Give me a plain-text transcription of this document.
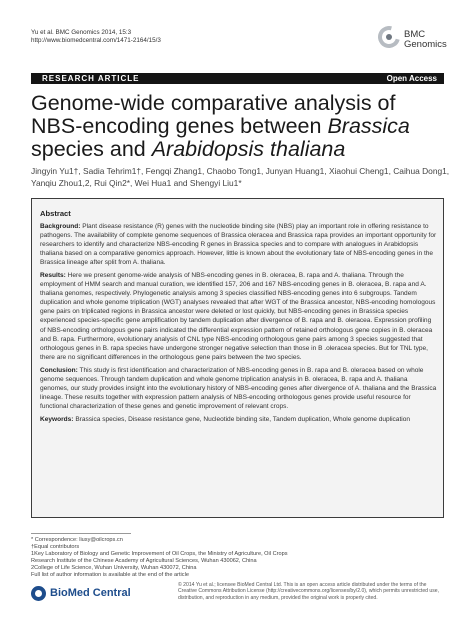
Yu et al. BMC Genomics 2014, 15:3
http://www.biomedcentral.com/1471-2164/15/3
BMC
Genomics
RESEARCH ARTICLE	Open Access
Genome-wide comparative analysis of NBS-encoding genes between Brassica species and Arabidopsis thaliana
Jingyin Yu1†, Sadia Tehrim1†, Fengqi Zhang1, Chaobo Tong1, Junyan Huang1, Xiaohui Cheng1, Caihua Dong1, Yanqiu Zhou1,2, Rui Qin2*, Wei Hua1 and Shengyi Liu1*
Abstract

Background: Plant disease resistance (R) genes with the nucleotide binding site (NBS) play an important role in offering resistance to pathogens. The availability of complete genome sequences of Brassica oleracea and Brassica rapa provides an important opportunity for researchers to identify and characterize NBS-encoding R genes in Brassica species and to compare with analogues in Arabidopsis thaliana based on a comparative genomics approach. However, little is known about the evolutionary fate of NBS-encoding genes in the Brassica lineage after split from A. thaliana.

Results: Here we present genome-wide analysis of NBS-encoding genes in B. oleracea, B. rapa and A. thaliana. Through the employment of HMM search and manual curation, we identified 157, 206 and 167 NBS-encoding genes in B. oleracea, B. rapa and A. thaliana genomes, respectively. Phylogenetic analysis among 3 species classified NBS-encoding genes into 6 subgroups. Tandem duplication and whole genome triplication (WGT) analyses revealed that after WGT of the Brassica ancestor, NBS-encoding homologous gene pairs on triplicated regions in Brassica ancestor were deleted or lost quickly, but NBS-encoding genes in Brassica species experienced species-specific gene amplification by tandem duplication after divergence of B. rapa and B. oleracea. Expression profiling of NBS-encoding orthologous gene pairs indicated the differential expression pattern of retained orthologous gene copies in B. oleracea and B. rapa. Furthermore, evolutionary analysis of CNL type NBS-encoding orthologous gene pairs among 3 species suggested that orthologous genes in B. rapa species have undergone stronger negative selection than those in B .oleracea species. But for TNL type, there are no significant differences in the orthologous gene pairs between the two species.

Conclusion: This study is first identification and characterization of NBS-encoding genes in B. rapa and B. oleracea based on whole genome sequences. Through tandem duplication and whole genome triplication analysis in B. oleracea, B. rapa and A. thaliana genomes, our study provides insight into the evolutionary history of NBS-encoding genes after divergence of A. thaliana and the Brassica lineage. These results together with expression pattern analysis of NBS-encoding orthologous genes provide useful resource for functional characterization of these genes and genetic improvement of relevant crops.

Keywords: Brassica species, Disease resistance gene, Nucleotide binding site, Tandem duplication, Whole genome duplication

* Correspondence: liusy@oilcrops.cn
†Equal contributors
1Key Laboratory of Biology and Genetic Improvement of Oil Crops, the Ministry of Agriculture, Oil Crops Research Institute of the Chinese Academy of Agricultural Sciences, Wuhan 430062, China
2College of Life Science, Wuhan University, Wuhan 430072, China
Full list of author information is available at the end of the article
BioMed Central
© 2014 Yu et al.; licensee BioMed Central Ltd. This is an open access article distributed under the terms of the Creative Commons Attribution License (http://creativecommons.org/licenses/by/2.0), which permits unrestricted use, distribution, and reproduction in any medium, provided the original work is properly cited.
